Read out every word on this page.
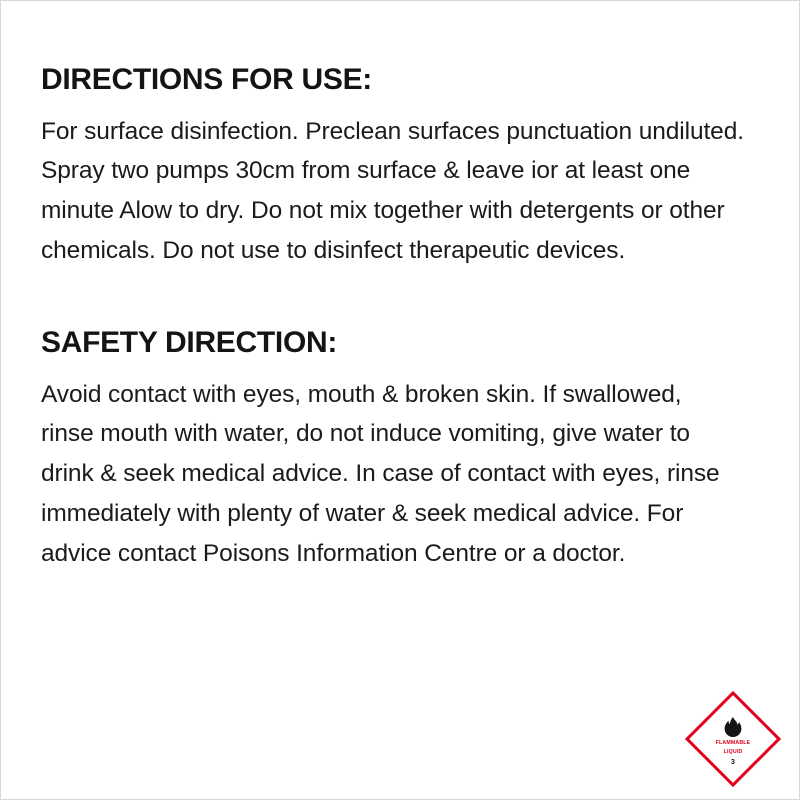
DIRECTIONS FOR USE:

For surface disinfection. Preclean surfaces punctuation undiluted. Spray two pumps 30cm from surface & leave ior at least one minute Alow to dry. Do not mix together with detergents or other chemicals. Do not use to disinfect therapeutic devices.

SAFETY DIRECTION:

Avoid contact with eyes, mouth & broken skin. If swallowed, rinse mouth with water, do not induce vomiting, give water to drink & seek medical advice. In case of contact with eyes, rinse immediately with plenty of water & seek medical advice. For advice contact Poisons Information Centre or a doctor.

FLAMMABLE
LIQUID
3
